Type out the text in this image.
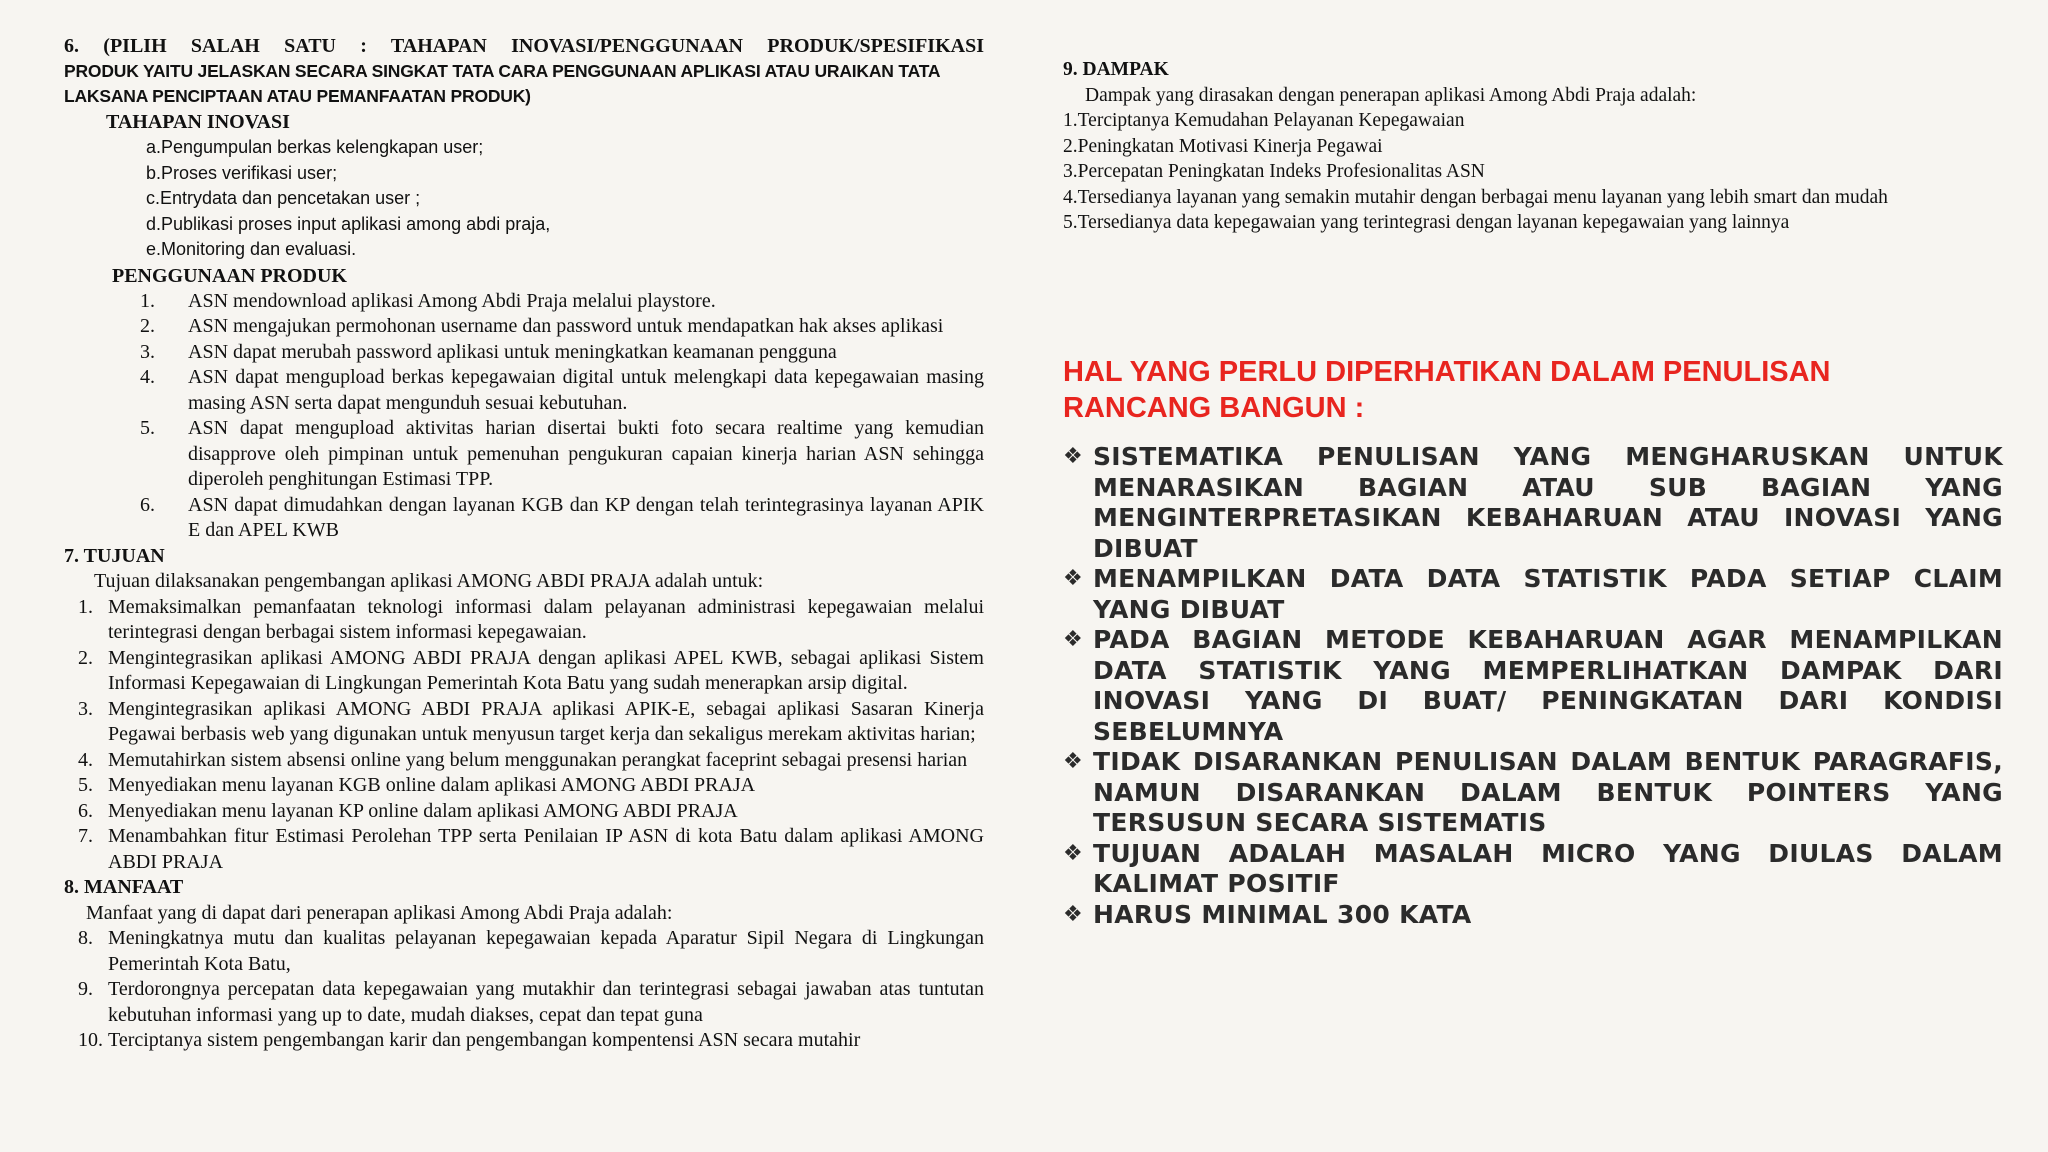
6. (PILIH SALAH SATU : TAHAPAN INOVASI/PENGGUNAAN PRODUK/SPESIFIKASI

PRODUK YAITU JELASKAN SECARA SINGKAT TATA CARA PENGGUNAAN APLIKASI ATAU URAIKAN TATA

LAKSANA PENCIPTAAN ATAU PEMANFAATAN PRODUK)

TAHAPAN INOVASI

a.Pengumpulan berkas kelengkapan user;

b.Proses verifikasi user;

c.Entrydata dan pencetakan user ;

d.Publikasi proses input aplikasi among abdi praja,

e.Monitoring dan evaluasi.

PENGGUNAAN PRODUK

1.	ASN mendownload aplikasi Among Abdi Praja melalui playstore.
2.	ASN mengajukan permohonan username dan password untuk mendapatkan hak akses aplikasi
3.	ASN dapat merubah password aplikasi untuk meningkatkan keamanan pengguna
4.	ASN dapat mengupload berkas kepegawaian digital untuk melengkapi data kepegawaian masing masing ASN serta dapat mengunduh sesuai kebutuhan.
5.	ASN dapat mengupload aktivitas harian disertai bukti foto secara realtime yang kemudian disapprove oleh pimpinan untuk pemenuhan pengukuran capaian kinerja harian ASN sehingga diperoleh penghitungan Estimasi TPP.
6.	ASN dapat dimudahkan dengan layanan KGB dan KP dengan telah terintegrasinya layanan APIK E dan APEL KWB

7. TUJUAN

Tujuan dilaksanakan pengembangan aplikasi AMONG ABDI PRAJA adalah untuk:

1. Memaksimalkan pemanfaatan teknologi informasi dalam pelayanan administrasi kepegawaian melalui terintegrasi dengan berbagai sistem informasi kepegawaian.
2. Mengintegrasikan aplikasi AMONG ABDI PRAJA dengan aplikasi APEL KWB, sebagai aplikasi Sistem Informasi Kepegawaian di Lingkungan Pemerintah Kota Batu yang sudah menerapkan arsip digital.
3. Mengintegrasikan aplikasi AMONG ABDI PRAJA aplikasi APIK-E, sebagai aplikasi Sasaran Kinerja Pegawai berbasis web yang digunakan untuk menyusun target kerja dan sekaligus merekam aktivitas harian;
4. Memutahirkan sistem absensi online yang belum menggunakan perangkat faceprint sebagai presensi harian
5. Menyediakan menu layanan KGB online dalam aplikasi AMONG ABDI PRAJA
6. Menyediakan menu layanan KP online dalam aplikasi AMONG ABDI PRAJA
7. Menambahkan fitur Estimasi Perolehan TPP serta Penilaian IP ASN di kota Batu dalam aplikasi AMONG ABDI PRAJA

8. MANFAAT

Manfaat yang di dapat dari penerapan aplikasi Among Abdi Praja adalah:

8. Meningkatnya mutu dan kualitas pelayanan kepegawaian kepada Aparatur Sipil Negara di Lingkungan Pemerintah Kota Batu,
9. Terdorongnya percepatan data kepegawaian yang mutakhir dan terintegrasi sebagai jawaban atas tuntutan kebutuhan informasi yang up to date, mudah diakses, cepat dan tepat guna
10. Terciptanya sistem pengembangan karir dan pengembangan kompentensi ASN secara mutahir

9. DAMPAK

Dampak yang dirasakan dengan penerapan aplikasi Among Abdi Praja adalah:

1.Terciptanya Kemudahan Pelayanan Kepegawaian

2.Peningkatan Motivasi Kinerja Pegawai

3.Percepatan Peningkatan Indeks Profesionalitas ASN

4.Tersedianya layanan yang semakin mutahir dengan berbagai menu layanan yang lebih smart dan mudah

5.Tersedianya data kepegawaian yang terintegrasi dengan layanan kepegawaian yang lainnya

HAL YANG PERLU DIPERHATIKAN DALAM PENULISAN
RANCANG BANGUN :
❖ SISTEMATIKA PENULISAN YANG MENGHARUSKAN UNTUK MENARASIKAN BAGIAN ATAU SUB BAGIAN YANG MENGINTERPRETASIKAN KEBAHARUAN ATAU INOVASI YANG DIBUAT
❖ MENAMPILKAN DATA DATA STATISTIK PADA SETIAP CLAIM YANG DIBUAT
❖ PADA BAGIAN METODE KEBAHARUAN AGAR MENAMPILKAN DATA STATISTIK YANG MEMPERLIHATKAN DAMPAK DARI INOVASI YANG DI BUAT/ PENINGKATAN DARI KONDISI SEBELUMNYA
❖ TIDAK DISARANKAN PENULISAN DALAM BENTUK PARAGRAFIS, NAMUN DISARANKAN DALAM BENTUK POINTERS YANG TERSUSUN SECARA SISTEMATIS
❖ TUJUAN ADALAH MASALAH MICRO YANG DIULAS DALAM KALIMAT POSITIF
❖ HARUS MINIMAL 300 KATA
